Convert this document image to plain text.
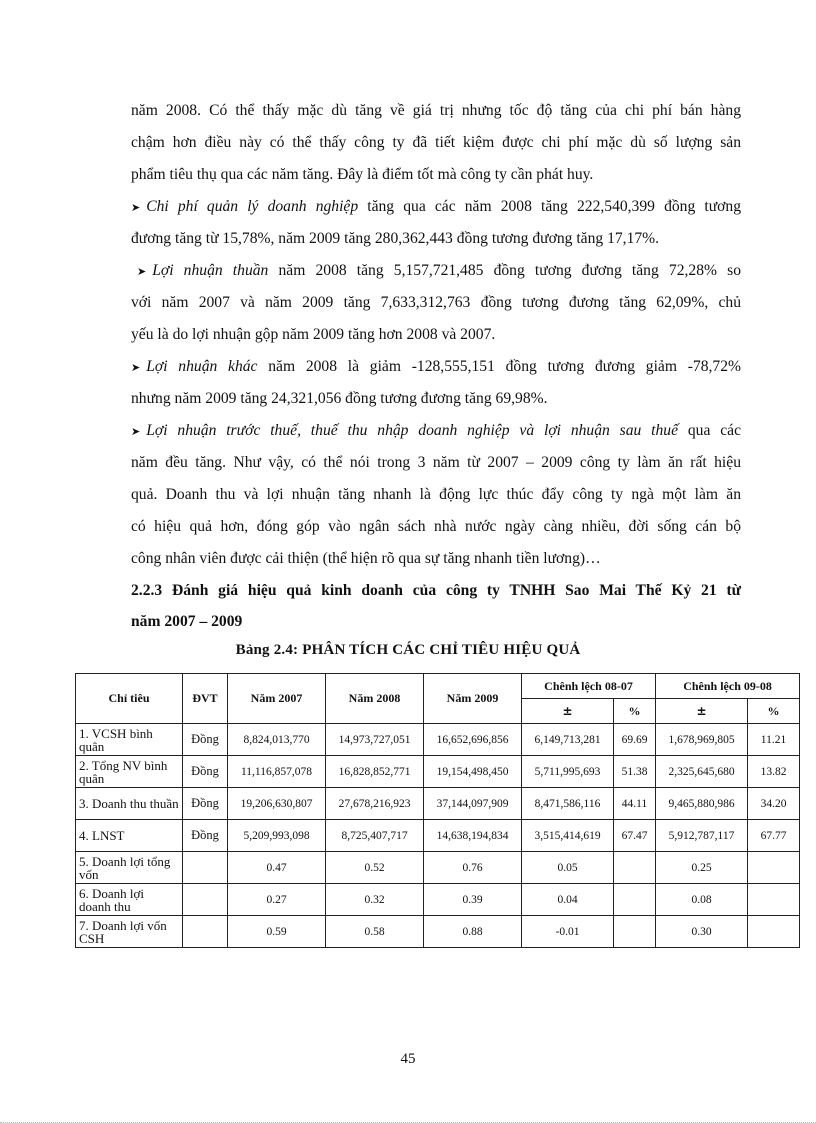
năm 2008. Có thể thấy mặc dù tăng về giá trị nhưng tốc độ tăng của chi phí bán hàng
chậm hơn điều này có thể thấy công ty đã tiết kiệm được chi phí mặc dù số lượng sản
phẩm tiêu thụ qua các năm tăng. Đây là điểm tốt mà công ty cần phát huy.
➤ Chi phí quản lý doanh nghiệp tăng qua các năm 2008 tăng 222,540,399 đồng tương
đương tăng từ 15,78%, năm 2009 tăng 280,362,443 đồng tương đương tăng 17,17%.
➤ Lợi nhuận thuần năm 2008 tăng 5,157,721,485 đồng tương đương tăng 72,28% so
với năm 2007 và năm 2009 tăng 7,633,312,763 đồng tương đương tăng 62,09%, chủ
yếu là do lợi nhuận gộp năm 2009 tăng hơn 2008 và 2007.
➤ Lợi nhuận khác năm 2008 là giảm -128,555,151 đồng tương đương giảm -78,72%
nhưng năm 2009 tăng 24,321,056 đồng tương đương tăng 69,98%.
➤ Lợi nhuận trước thuế, thuế thu nhập doanh nghiệp và lợi nhuận sau thuế qua các
năm đều tăng. Như vậy, có thể nói trong 3 năm từ 2007 – 2009 công ty làm ăn rất hiệu
quả. Doanh thu và lợi nhuận tăng nhanh là động lực thúc đẩy công ty ngà một làm ăn
có hiệu quả hơn, đóng góp vào ngân sách nhà nước ngày càng nhiều, đời sống cán bộ
công nhân viên được cải thiện (thể hiện rõ qua sự tăng nhanh tiền lương)…
2.2.3 Đánh giá hiệu quả kinh doanh của công ty TNHH Sao Mai Thế Kỷ 21 từ
năm 2007 – 2009
Bảng 2.4: PHÂN TÍCH CÁC CHỈ TIÊU HIỆU QUẢ
Chỉ tiêu	ĐVT	Năm 2007	Năm 2008	Năm 2009	Chênh lệch 08-07		Chênh lệch 09-08	
					±	%	±	%
1. VCSH bình quân	Đồng	8,824,013,770	14,973,727,051	16,652,696,856	6,149,713,281	69.69	1,678,969,805	11.21
2. Tổng NV bình quân	Đồng	11,116,857,078	16,828,852,771	19,154,498,450	5,711,995,693	51.38	2,325,645,680	13.82
3. Doanh thu thuần	Đồng	19,206,630,807	27,678,216,923	37,144,097,909	8,471,586,116	44.11	9,465,880,986	34.20
4. LNST	Đồng	5,209,993,098	8,725,407,717	14,638,194,834	3,515,414,619	67.47	5,912,787,117	67.77
5. Doanh lợi tổng vốn		0.47	0.52	0.76	0.05		0.25	
6. Doanh lợi doanh thu		0.27	0.32	0.39	0.04		0.08	
7. Doanh lợi vốn CSH		0.59	0.58	0.88	-0.01		0.30	
45
